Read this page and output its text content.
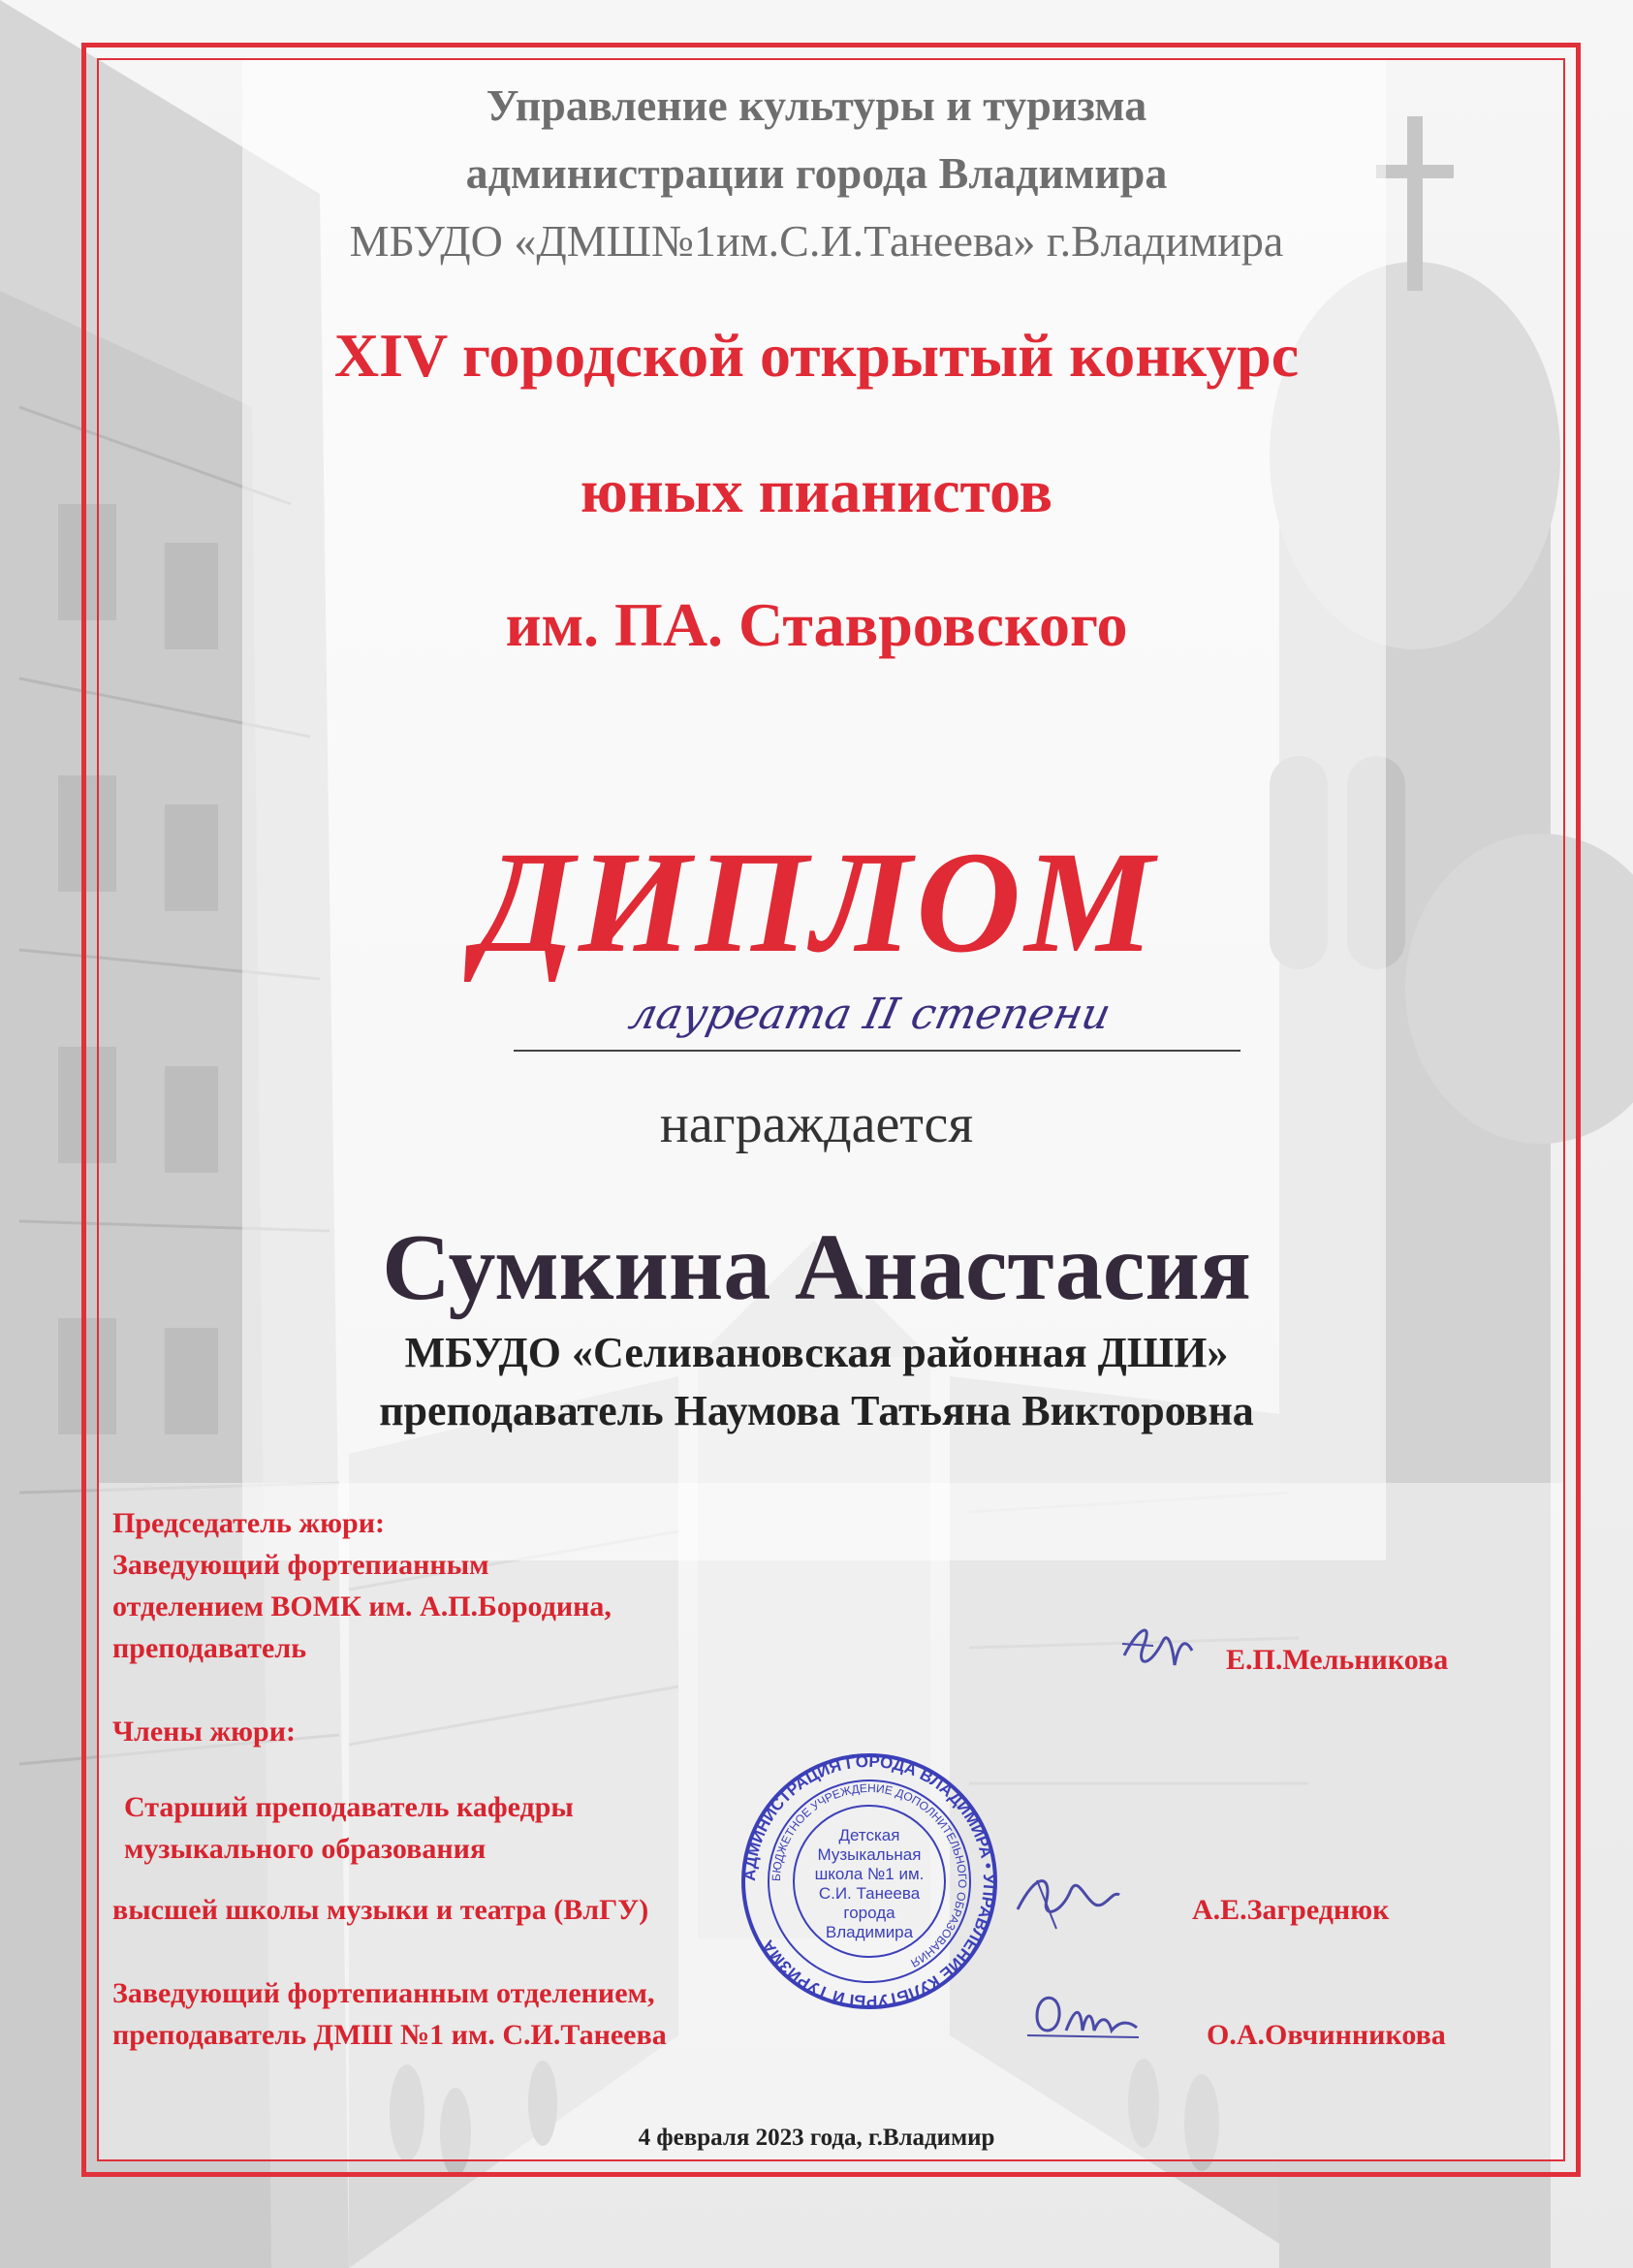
Управление культуры и туризма
администрации города Владимира
МБУДО «ДМШ№1им.С.И.Танеева» г.Владимира
XIV городской открытый конкурс
юных пианистов
им. ПА. Ставровского
ДИПЛОМ
лауреата II степени
награждается
Сумкина Анастасия
МБУДО «Селивановская районная ДШИ»
преподаватель Наумова Татьяна Викторовна
Председатель жюри:
Заведующий фортепианным
отделением ВОМК им. А.П.Бородина,
преподаватель	Е.П.Мельникова
Члены жюри:
Старший преподаватель кафедры
музыкального образования
высшей школы музыки и театра (ВлГУ)	А.Е.Загреднюк
Заведующий фортепианным отделением,
преподаватель ДМШ №1 им. С.И.Танеева	О.А.Овчинникова
АДМИНИСТРАЦИЯ ГОРОДА ВЛАДИМИРА • УПРАВЛЕНИЕ КУЛЬТУРЫ И ТУРИЗМА
БЮДЖЕТНОЕ УЧРЕЖДЕНИЕ ДОПОЛНИТЕЛЬНОГО ОБРАЗОВАНИЯ
Детская Музыкальная школа №1 им. С.И. Танеева города Владимира
4 февраля 2023 года, г.Владимир
